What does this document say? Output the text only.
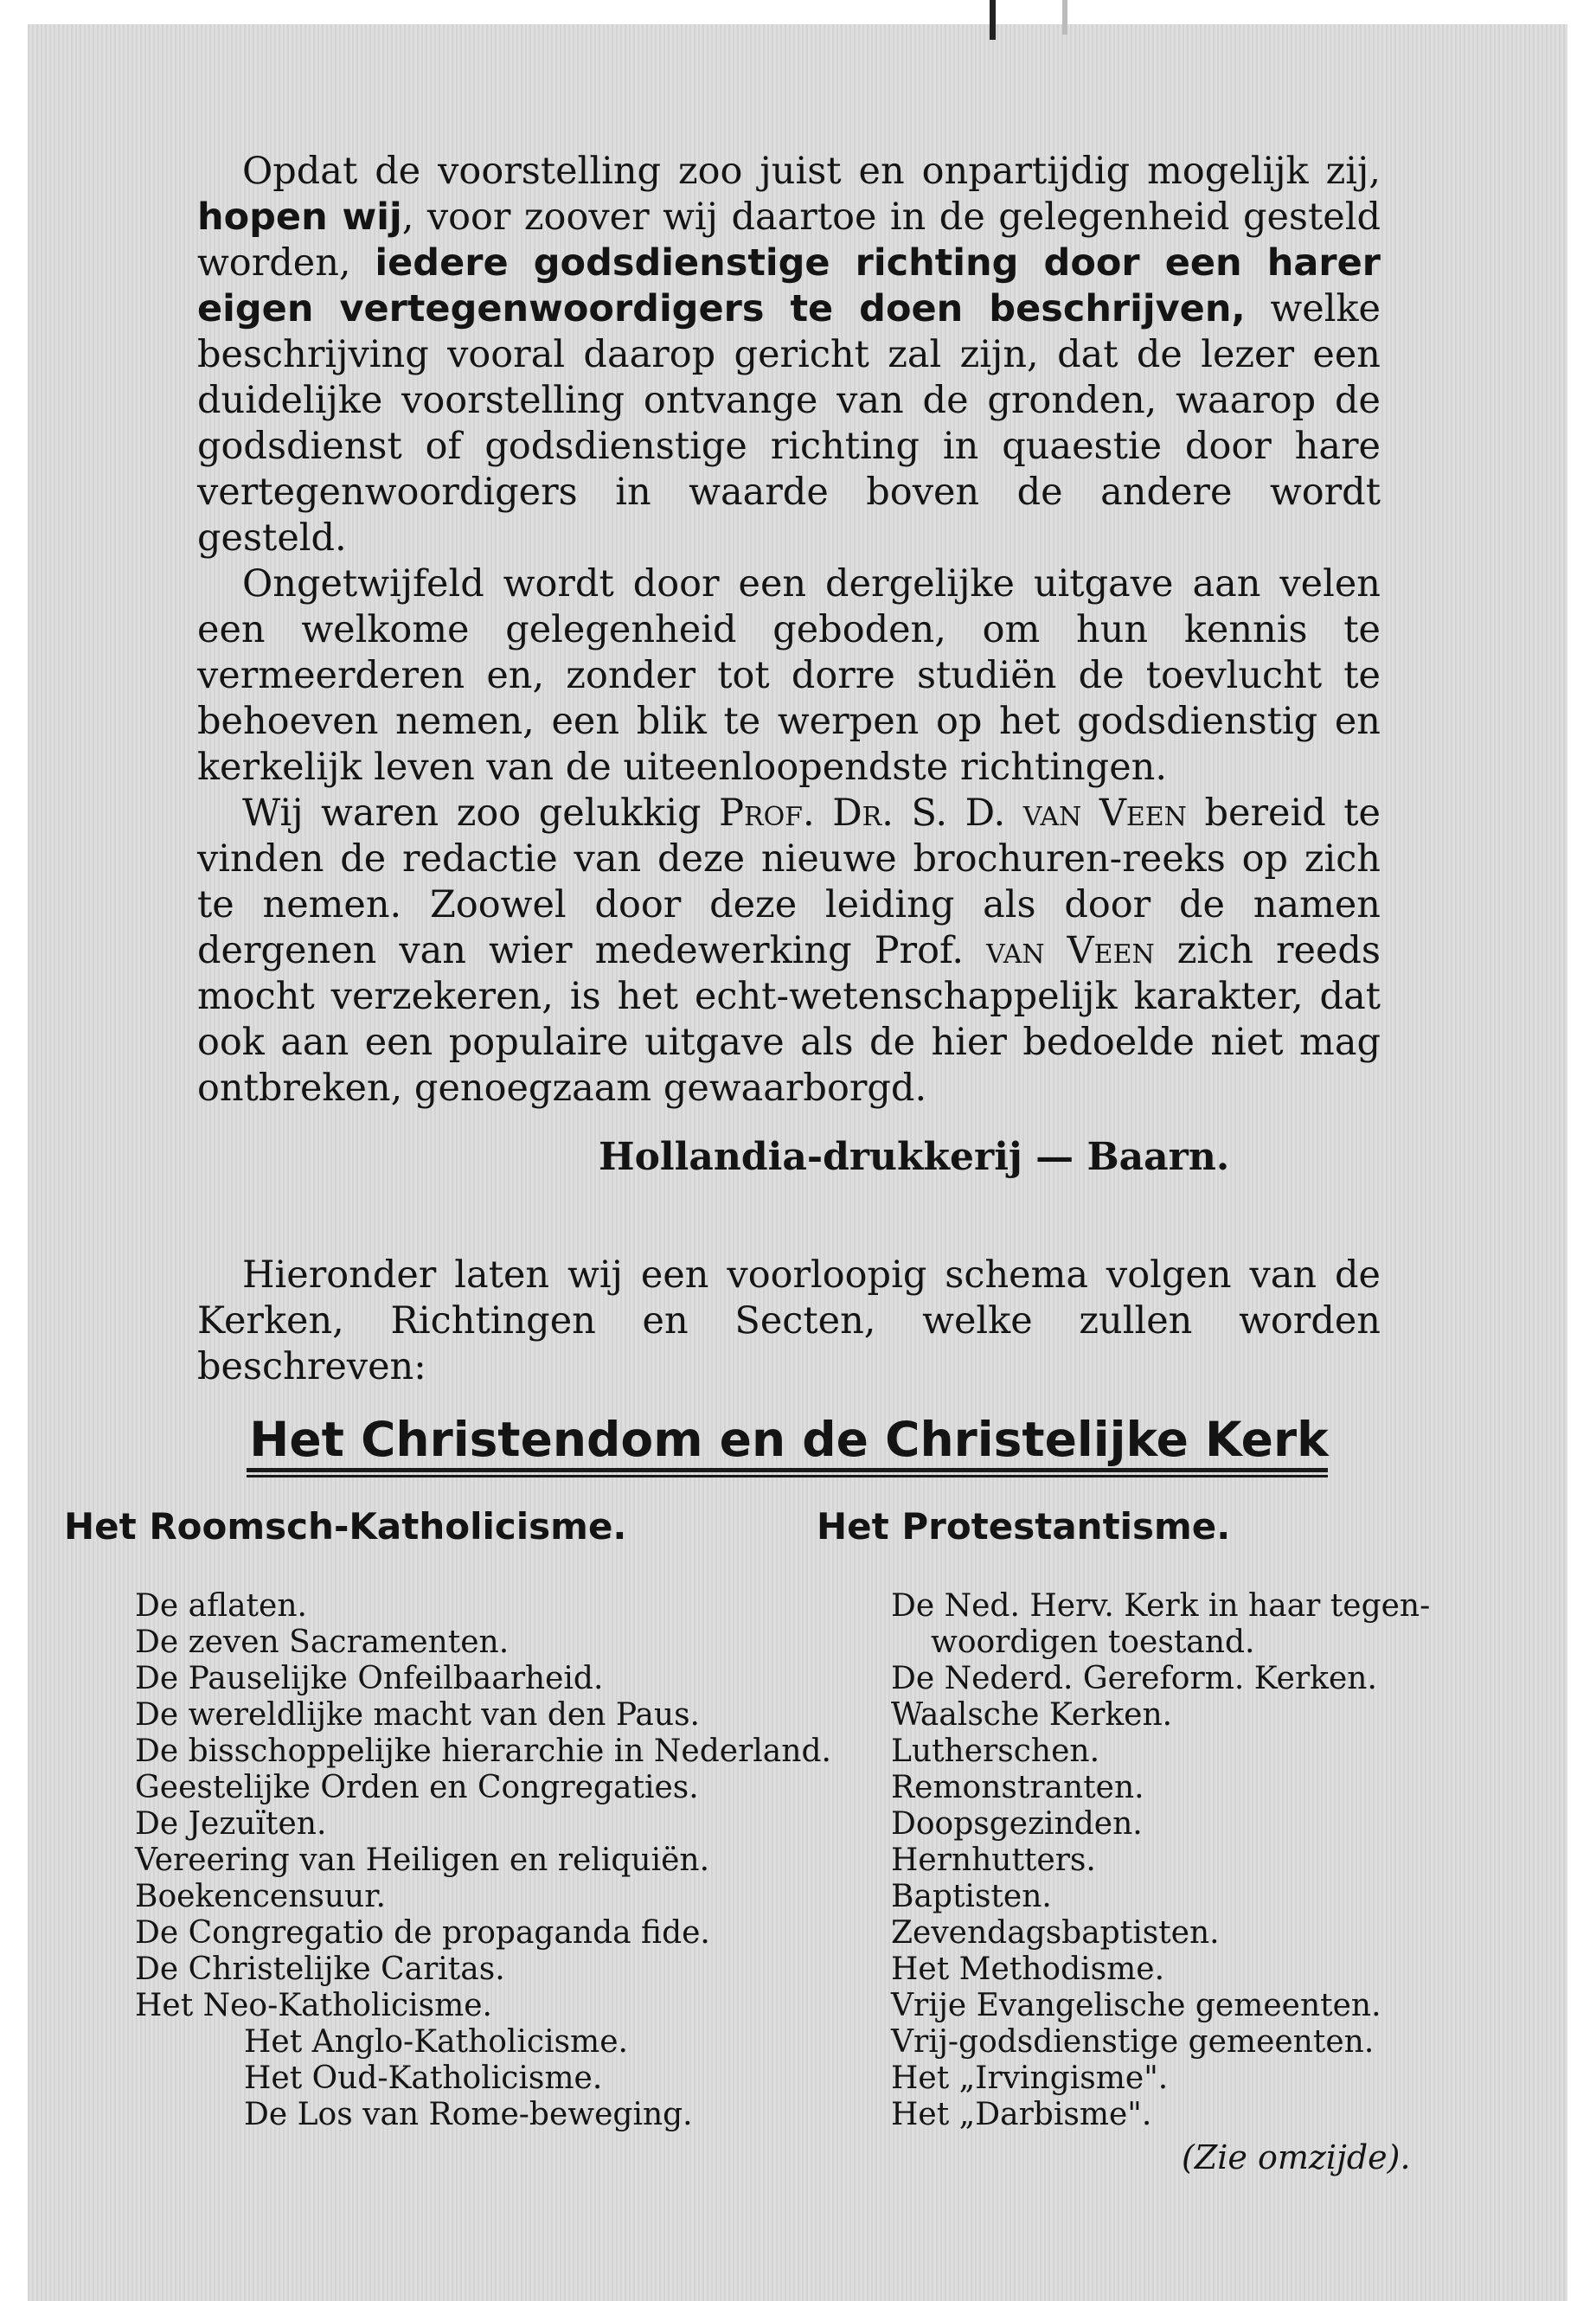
Opdat de voorstelling zoo juist en onpartijdig mogelijk zij, hopen wij, voor zoover wij daartoe in de gelegenheid gesteld worden, iedere godsdienstige richting door een harer eigen vertegenwoordigers te doen beschrijven, welke beschrijving vooral daarop gericht zal zijn, dat de lezer een duidelijke voorstelling ontvange van de gronden, waarop de godsdienst of godsdienstige richting in quaestie door hare vertegenwoordigers in waarde boven de andere wordt gesteld.

Ongetwijfeld wordt door een dergelijke uitgave aan velen een welkome gelegenheid geboden, om hun kennis te vermeerderen en, zonder tot dorre studiën de toevlucht te behoeven nemen, een blik te werpen op het godsdienstig en kerkelijk leven van de uiteenloopendste richtingen.

Wij waren zoo gelukkig Prof. Dr. S. D. van Veen bereid te vinden de redactie van deze nieuwe brochuren-reeks op zich te nemen. Zoowel door deze leiding als door de namen dergenen van wier medewerking Prof. van Veen zich reeds mocht verzekeren, is het echt-wetenschappelijk karakter, dat ook aan een populaire uitgave als de hier bedoelde niet mag ontbreken, genoegzaam gewaarborgd.

Hollandia-drukkerij — Baarn.

Hieronder laten wij een voorloopig schema volgen van de Kerken, Richtingen en Secten, welke zullen worden beschreven:

Het Christendom en de Christelijke Kerk
Het Roomsch-Katholicisme.	Het Protestantisme.
De aflaten.
De zeven Sacramenten.
De Pauselijke Onfeilbaarheid.
De wereldlijke macht van den Paus.
De bisschoppelijke hierarchie in Nederland.
Geestelijke Orden en Congregaties.
De Jezuïten.
Vereering van Heiligen en reliquiën.
Boekencensuur.
De Congregatio de propaganda fide.
De Christelijke Caritas.
Het Neo-Katholicisme.
Het Anglo-Katholicisme.
Het Oud-Katholicisme.
De Los van Rome-beweging.
De Ned. Herv. Kerk in haar tegen-
woordigen toestand.
De Nederd. Gereform. Kerken.
Waalsche Kerken.
Lutherschen.
Remonstranten.
Doopsgezinden.
Hernhutters.
Baptisten.
Zevendagsbaptisten.
Het Methodisme.
Vrije Evangelische gemeenten.
Vrij-godsdienstige gemeenten.
Het „Irvingisme".
Het „Darbisme".
(Zie omzijde).
